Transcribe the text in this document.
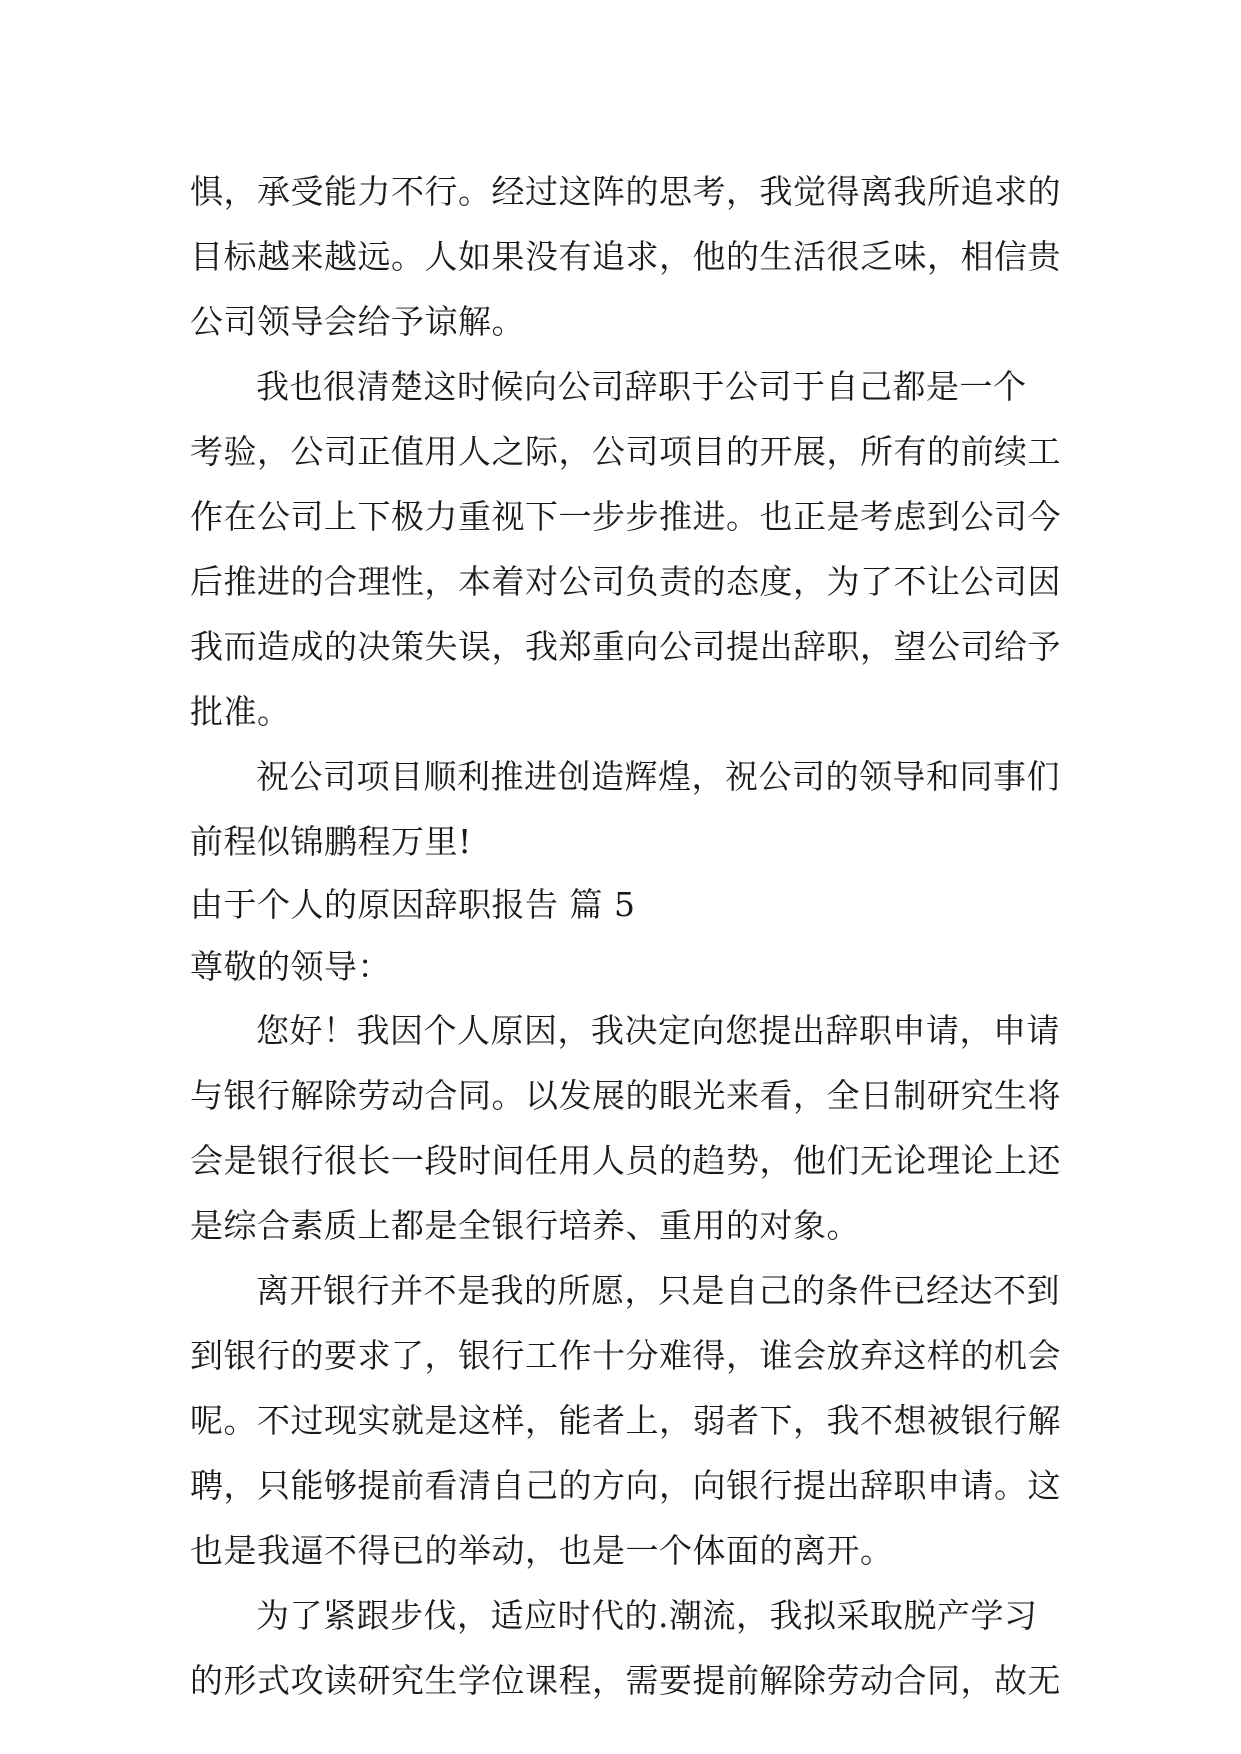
惧，承受能力不行。经过这阵的思考，我觉得离我所追求的
目标越来越远。人如果没有追求，他的生活很乏味，相信贵
公司领导会给予谅解。
我也很清楚这时候向公司辞职于公司于自己都是一个
考验，公司正值用人之际，公司项目的开展，所有的前续工
作在公司上下极力重视下一步步推进。也正是考虑到公司今
后推进的合理性，本着对公司负责的态度，为了不让公司因
我而造成的决策失误，我郑重向公司提出辞职，望公司给予
批准。
祝公司项目顺利推进创造辉煌，祝公司的领导和同事们
前程似锦鹏程万里!
由于个人的原因辞职报告 篇 5
尊敬的领导：
您好！我因个人原因，我决定向您提出辞职申请，申请
与银行解除劳动合同。以发展的眼光来看，全日制研究生将
会是银行很长一段时间任用人员的趋势，他们无论理论上还
是综合素质上都是全银行培养、重用的对象。
离开银行并不是我的所愿，只是自己的条件已经达不到
到银行的要求了，银行工作十分难得，谁会放弃这样的机会
呢。不过现实就是这样，能者上，弱者下，我不想被银行解
聘，只能够提前看清自己的方向，向银行提出辞职申请。这
也是我逼不得已的举动，也是一个体面的离开。
为了紧跟步伐，适应时代的.潮流，我拟采取脱产学习
的形式攻读研究生学位课程，需要提前解除劳动合同，故无
